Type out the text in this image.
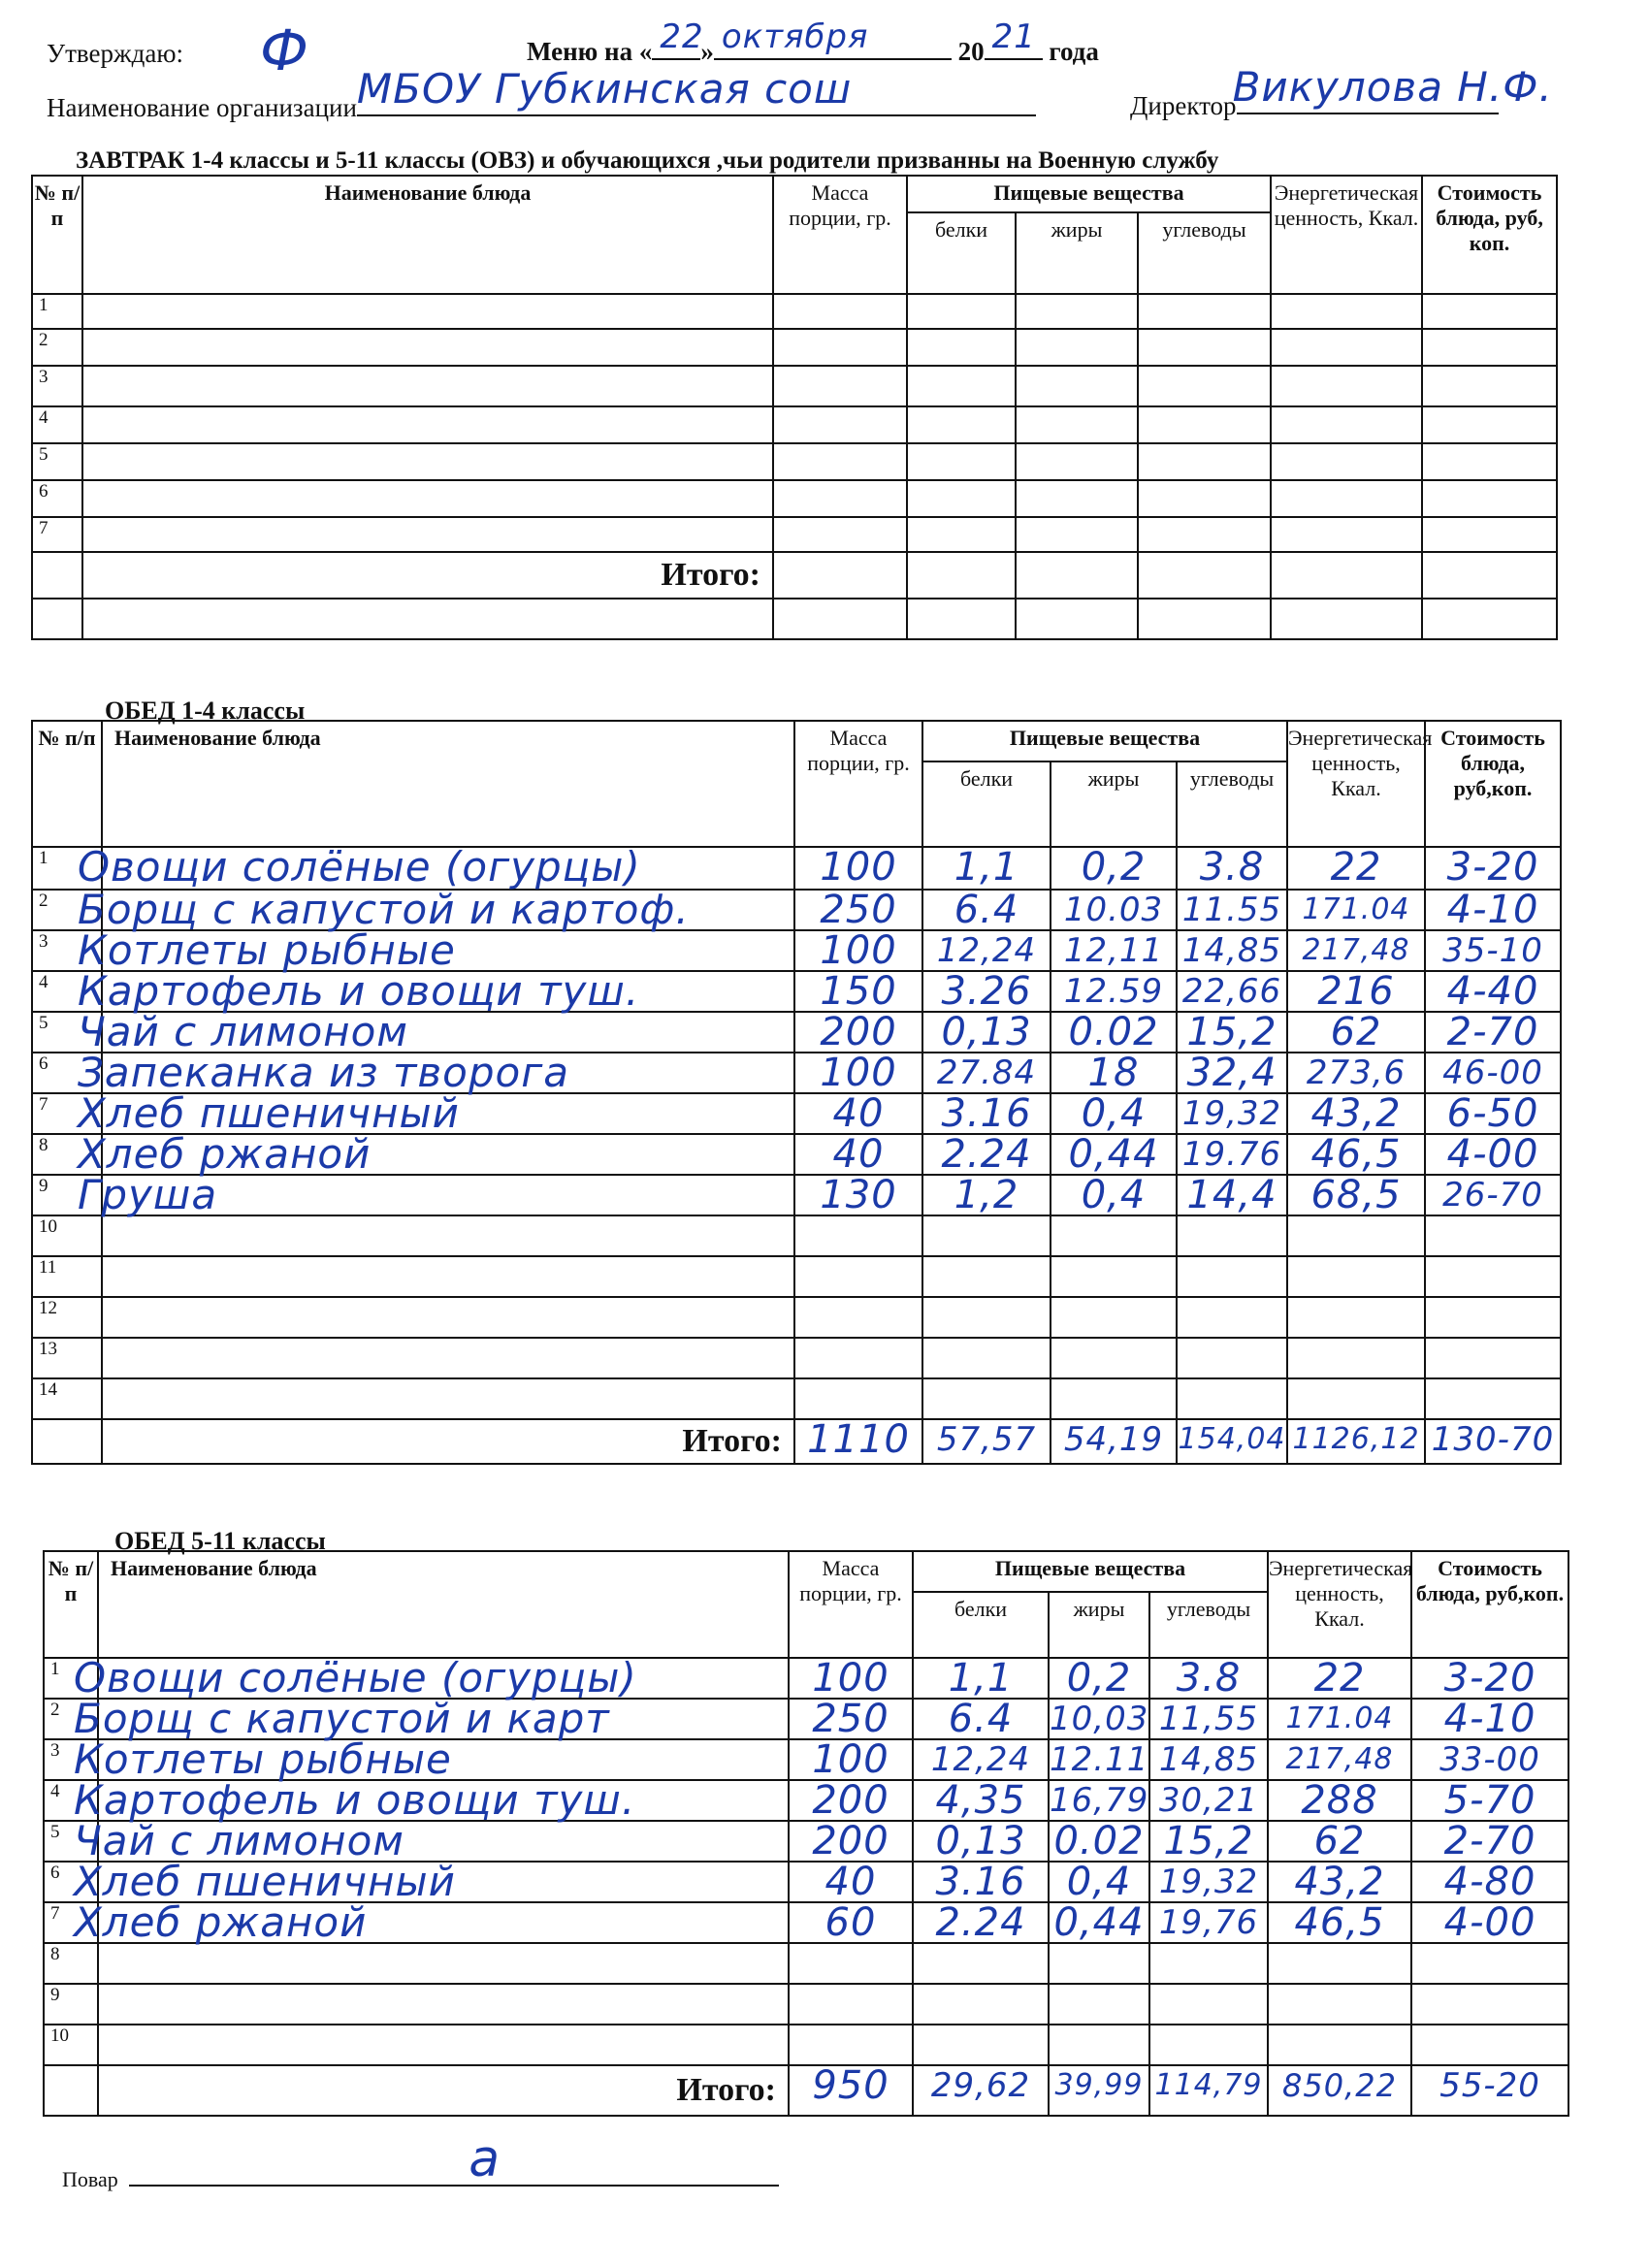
Утверждаю: Ф	Меню на « 22
» октября	20 21 года
Наименование организации МБОУ Губкинская сош	Директор
Викулова Н.Ф.
ЗАВТРАК 1-4 классы и 5-11 классы (ОВЗ) и обучающихся ,чьи родители призванны на Военную службу
№ п/п	Наименование блюда	Масса порции, гр.	Пищевые вещества			Энергетическая ценность, Ккал.	Стоимость блюда, руб, коп.
			белки	жиры	углеводы		
1							
2							
3							
4							
5							
6							
7							
	Итого:						

ОБЕД 1-4 классы
№ п/п	Наименование блюда	Масса порции, гр.	Пищевые вещества			Энергетическая ценность, Ккал.	Стоимость блюда, руб,коп.
			белки	жиры	углеводы		
1	Овощи солёные (огурцы)	100	1,1	0,2	3.8	22	3-20

2	Борщ с капустой и картоф.	250	6.4	10.03	11.55	171.04	4-10

3	Котлеты рыбные	100	12,24	12,11	14,85	217,48	35-10

4	Картофель и овощи туш.	150	3.26	12.59	22,66	216	4-40

5	Чай с лимоном	200	0,13	0.02	15,2	62	2-70

6	Запеканка из творога	100	27.84	18	32,4	273,6	46-00

7	Хлеб пшеничный	40	3.16	0,4	19,32	43,2	6-50

8	Хлеб ржаной	40	2.24	0,44	19.76	46,5	4-00

9	Груша	130	1,2	0,4	14,4	68,5	26-70

10		

11		

12		

13		

14		

	Итого:	1110	57,57	54,19	154,04	1126,12	130-70
ОБЕД 5-11 классы
№ п/п	Наименование блюда	Масса порции, гр.	Пищевые вещества			Энергетическая ценность, Ккал.	Стоимость блюда, руб,коп.
			белки	жиры	углеводы		
1	Овощи солёные (огурцы)	100	1,1	0,2	3.8	22	3-20

2	Борщ с капустой и карт	250	6.4	10,03	11,55	171.04	4-10

3	Котлеты рыбные	100	12,24	12.11	14,85	217,48	33-00

4	Картофель и овощи туш.	200	4,35	16,79	30,21	288	5-70

5	Чай с лимоном	200	0,13	0.02	15,2	62	2-70

6	Хлеб пшеничный	40	3.16	0,4	19,32	43,2	4-80

7	Хлеб ржаной	60	2.24	0,44	19,76	46,5	4-00

8		

9		

10		

	Итого:	950	29,62	39,99	114,79	850,22	55-20
Повар	а
